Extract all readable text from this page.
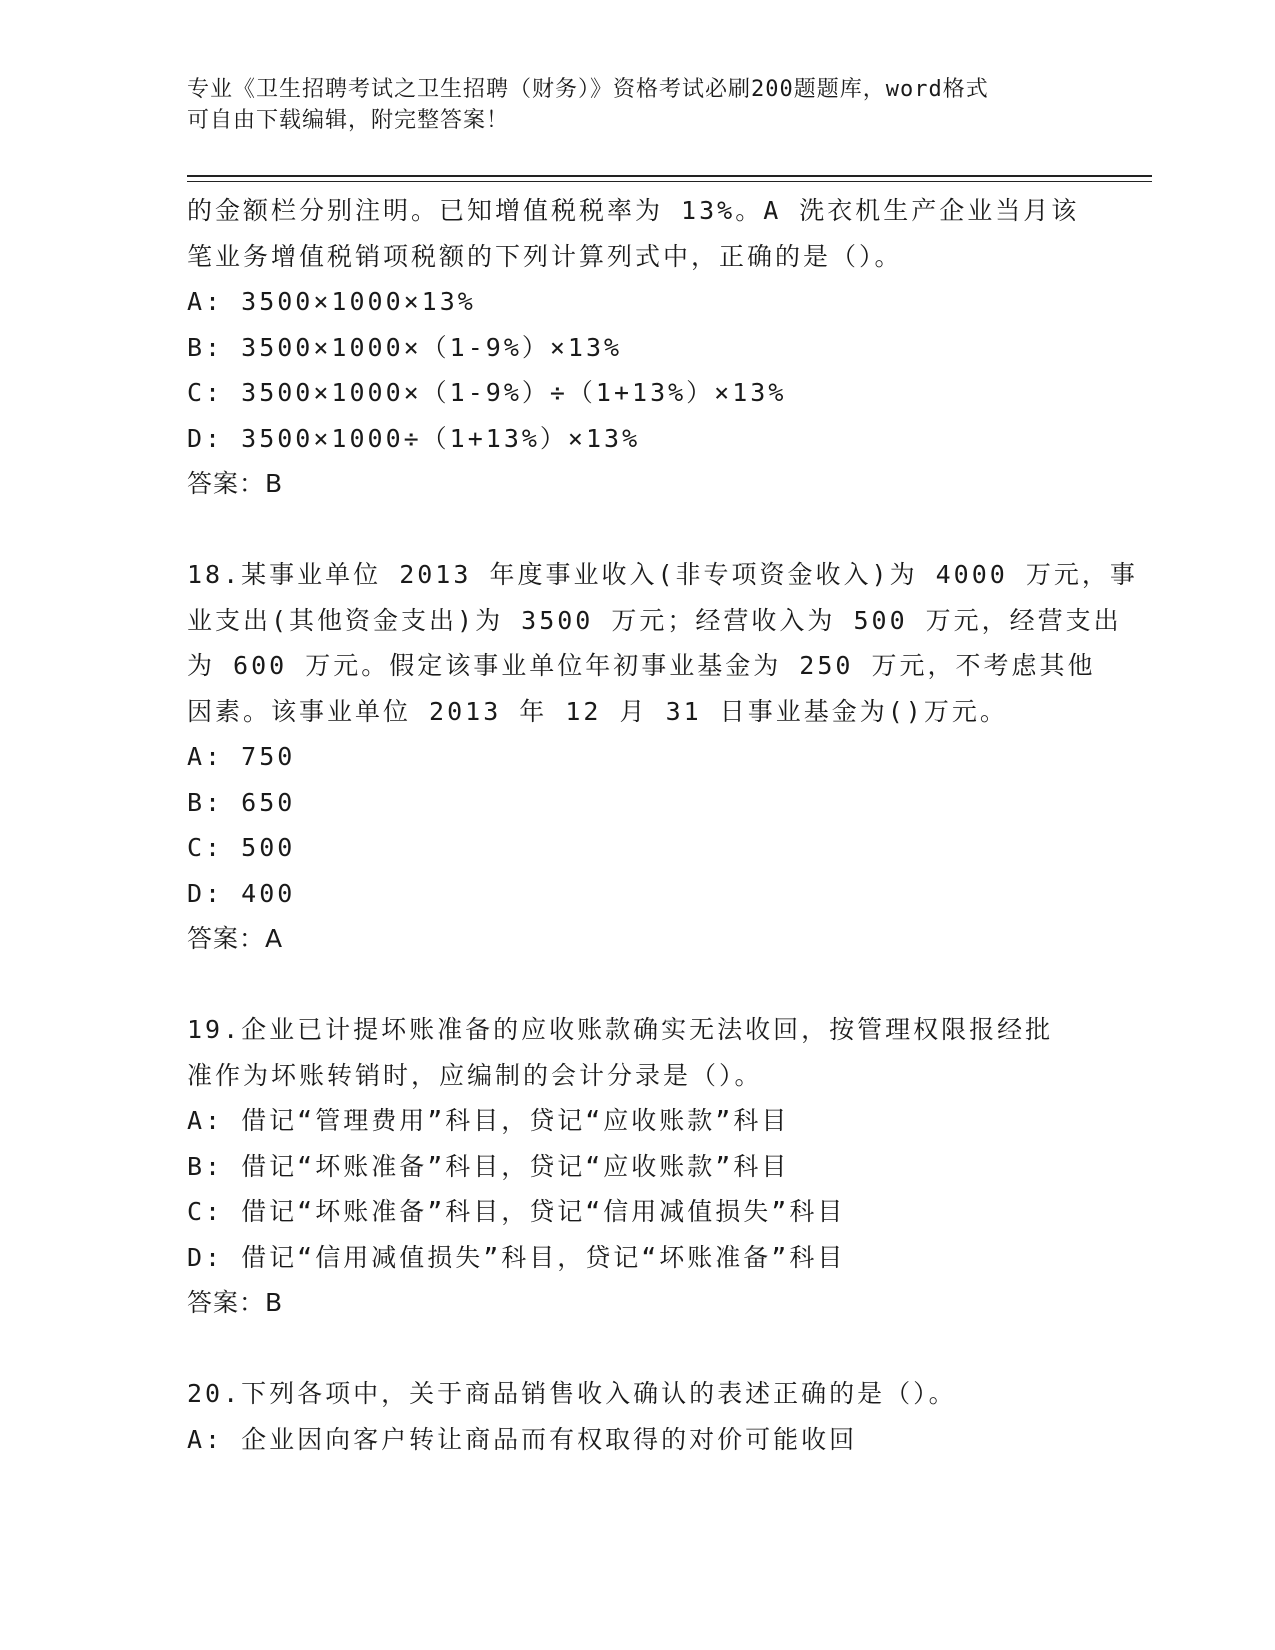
专业《卫生招聘考试之卫生招聘（财务）》资格考试必刷200题题库，word格式
可自由下载编辑，附完整答案！
的金额栏分别注明。已知增值税税率为 13%。A 洗衣机生产企业当月该
笔业务增值税销项税额的下列计算列式中，正确的是（）。
A: 3500×1000×13%
B: 3500×1000×（1-9%）×13%
C: 3500×1000×（1-9%）÷（1+13%）×13%
D: 3500×1000÷（1+13%）×13%
答案：B
18.某事业单位 2013 年度事业收入(非专项资金收入)为 4000 万元，事
业支出(其他资金支出)为 3500 万元；经营收入为 500 万元，经营支出
为 600 万元。假定该事业单位年初事业基金为 250 万元，不考虑其他
因素。该事业单位 2013 年 12 月 31 日事业基金为()万元。
A: 750
B: 650
C: 500
D: 400
答案：A
19.企业已计提坏账准备的应收账款确实无法收回，按管理权限报经批
准作为坏账转销时，应编制的会计分录是（）。
A: 借记“管理费用”科目，贷记“应收账款”科目
B: 借记“坏账准备”科目，贷记“应收账款”科目
C: 借记“坏账准备”科目，贷记“信用减值损失”科目
D: 借记“信用减值损失”科目，贷记“坏账准备”科目
答案：B
20.下列各项中，关于商品销售收入确认的表述正确的是（）。
A: 企业因向客户转让商品而有权取得的对价可能收回
